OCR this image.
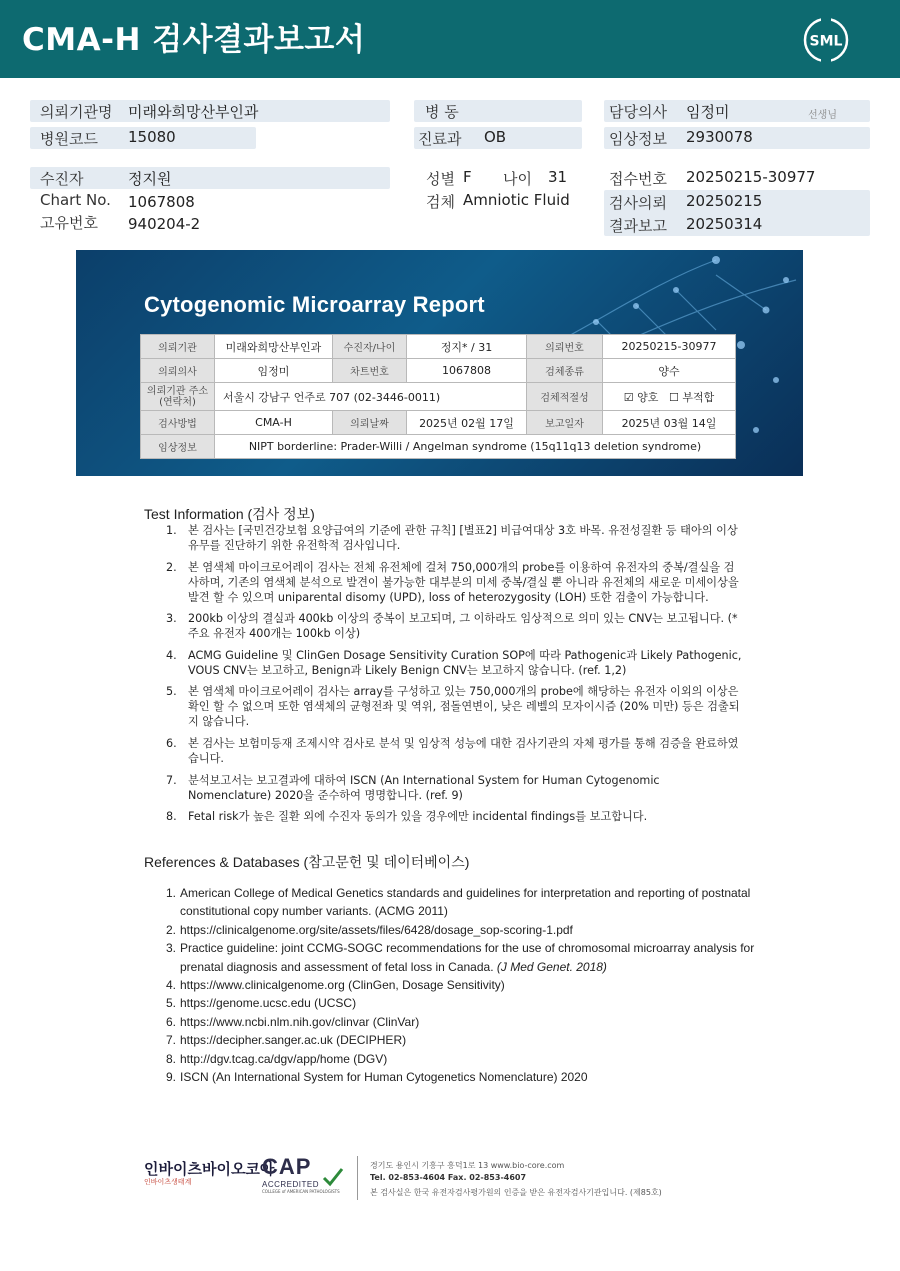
CMA-H 검사결과보고서	SML
의뢰기관명 미래와희망산부인과
병원코드 15080
병 동
진료과 OB
담당의사 임정미	선생님
임상정보 2930078
수진자	정지원
Chart No. 1067808
고유번호 940204-2
성별 F 나이 31
검체 Amniotic Fluid
접수번호 20250215-30977
검사의뢰 20250215
결과보고 20250314
Cytogenomic Microarray Report
의뢰기관	미래와희망산부인과	수진자/나이	정지* / 31	의뢰번호	20250215-30977
의뢰의사	임정미	차트번호	1067808	검체종류	양수
의뢰기관 주소
(연락처)	서울시 강남구 언주로 707 (02-3446-0011)			검체적절성	☑ 양호 ☐ 부적합
검사방법	CMA-H	의뢰날짜	2025년 02월 17일	보고일자	2025년 03월 14일
임상정보	NIPT borderline: Prader-Willi / Angelman syndrome (15q11q13 deletion syndrome)				
Test Information (검사 정보)
1. 본 검사는 [국민건강보험 요양급여의 기준에 관한 규칙] [별표2] 비급여대상 3호 바목. 유전성질환 등 태아의 이상 유무를 진단하기 위한 유전학적 검사입니다.
2. 본 염색체 마이크로어레이 검사는 전체 유전체에 걸쳐 750,000개의 probe를 이용하여 유전자의 중복/결실을 검사하며, 기존의 염색체 분석으로 발견이 불가능한 대부분의 미세 중복/결실 뿐 아니라 유전체의 새로운 미세이상을 발견 할 수 있으며 uniparental disomy (UPD), loss of heterozygosity (LOH) 또한 검출이 가능합니다.
3. 200kb 이상의 결실과 400kb 이상의 중복이 보고되며, 그 이하라도 임상적으로 의미 있는 CNV는 보고됩니다. (*주요 유전자 400개는 100kb 이상)
4. ACMG Guideline 및 ClinGen Dosage Sensitivity Curation SOP에 따라 Pathogenic과 Likely Pathogenic, VOUS CNV는 보고하고, Benign과 Likely Benign CNV는 보고하지 않습니다. (ref. 1,2)
5. 본 염색체 마이크로어레이 검사는 array를 구성하고 있는 750,000개의 probe에 해당하는 유전자 이외의 이상은 확인 할 수 없으며 또한 염색체의 균형전좌 및 역위, 점돌연변이, 낮은 레벨의 모자이시즘 (20% 미만) 등은 검출되지 않습니다.
6. 본 검사는 보험미등재 조제시약 검사로 분석 및 임상적 성능에 대한 검사기관의 자체 평가를 통해 검증을 완료하였습니다.
7. 분석보고서는 보고결과에 대하여 ISCN (An International System for Human Cytogenomic Nomenclature) 2020을 준수하여 명명합니다. (ref. 9)
8. Fetal risk가 높은 질환 외에 수진자 동의가 있을 경우에만 incidental findings를 보고합니다.
References & Databases (참고문헌 및 데이터베이스)
1. American College of Medical Genetics standards and guidelines for interpretation and reporting of postnatal constitutional copy number variants. (ACMG 2011)
2. https://clinicalgenome.org/site/assets/files/6428/dosage_sop-scoring-1.pdf
3. Practice guideline: joint CCMG-SOGC recommendations for the use of chromosomal microarray analysis for prenatal diagnosis and assessment of fetal loss in Canada. (J Med Genet. 2018)
4. https://www.clinicalgenome.org (ClinGen, Dosage Sensitivity)
5. https://genome.ucsc.edu (UCSC)
6. https://www.ncbi.nlm.nih.gov/clinvar (ClinVar)
7. https://decipher.sanger.ac.uk (DECIPHER)
8. http://dgv.tcag.ca/dgv/app/home (DGV)
9. ISCN (An International System for Human Cytogenetics Nomenclature) 2020
인바이츠바이오코아
인바이츠생태계
CAP
ACCREDITED
COLLEGE of AMERICAN PATHOLOGISTS
경기도 용인시 기흥구 흥덕1로 13 www.bio-core.com
Tel. 02-853-4604 Fax. 02-853-4607
본 검사실은 한국 유전자검사평가원의 인증을 받은 유전자검사기관입니다. (제85호)
